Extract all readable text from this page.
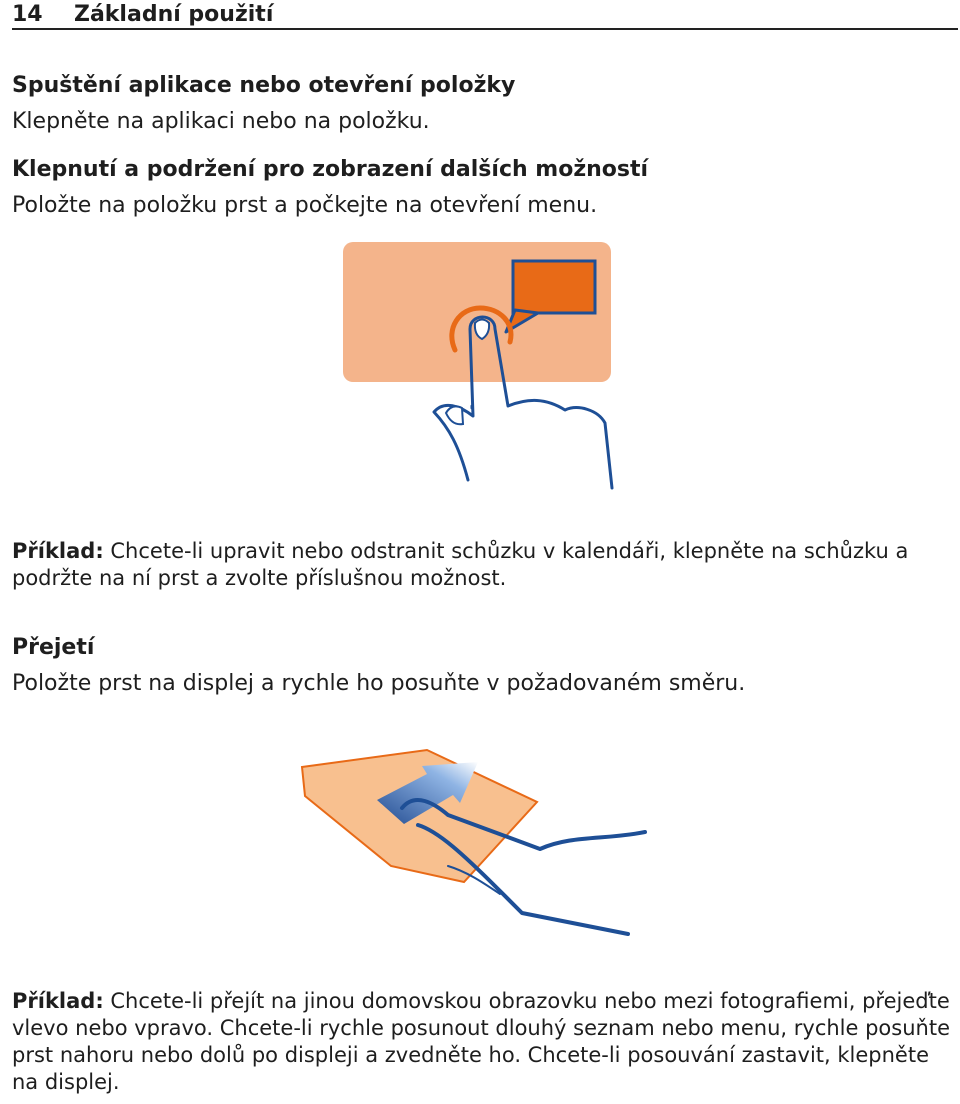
14 Základní použití
Spuštění aplikace nebo otevření položky
Klepněte na aplikaci nebo na položku.
Klepnutí a podržení pro zobrazení dalších možností
Položte na položku prst a počkejte na otevření menu.
Příklad: Chcete-li upravit nebo odstranit schůzku v kalendáři, klepněte na schůzku a podržte na ní prst a zvolte příslušnou možnost.
Přejetí
Položte prst na displej a rychle ho posuňte v požadovaném směru.
Příklad: Chcete-li přejít na jinou domovskou obrazovku nebo mezi fotografiemi, přejeďte vlevo nebo vpravo. Chcete-li rychle posunout dlouhý seznam nebo menu, rychle posuňte prst nahoru nebo dolů po displeji a zvedněte ho. Chcete-li posouvání zastavit, klepněte na displej.
